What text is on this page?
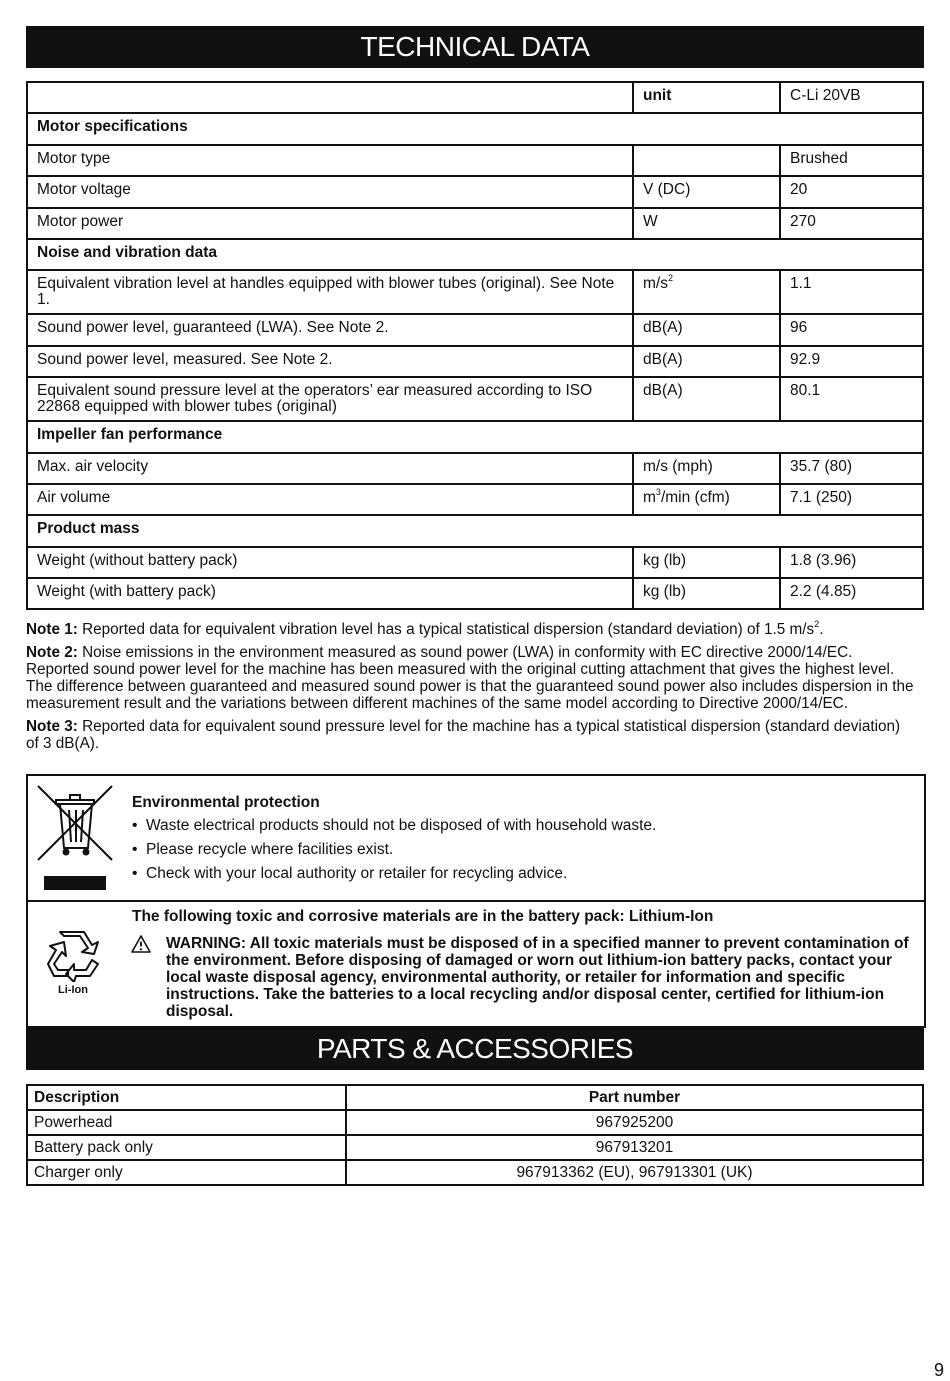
TECHNICAL DATA
	unit	C-Li 20VB
Motor specifications		
Motor type		Brushed
Motor voltage	V (DC)	20
Motor power	W	270
Noise and vibration data		
Equivalent vibration level at handles equipped with blower tubes (original). See Note 1.	$m/s^2$	1.1
Sound power level, guaranteed (LWA). See Note 2.	dB(A)	96
Sound power level, measured. See Note 2.	dB(A)	92.9
Equivalent sound pressure level at the operators’ ear measured according to ISO 22868 equipped with blower tubes (original)	dB(A)	80.1
Impeller fan performance		
Max. air velocity	m/s (mph)	35.7 (80)
Air volume	$m^3/\min$ (cfm)	7.1 (250)
Product mass		
Weight (without battery pack)	kg (lb)	1.8 (3.96)
Weight (with battery pack)	kg (lb)	2.2 (4.85)

Note 1: Reported data for equivalent vibration level has a typical statistical dispersion (standard deviation) of 1.5 $m/s^2$.

Note 2: Noise emissions in the environment measured as sound power (LWA) in conformity with EC directive 2000/14/EC. Reported sound power level for the machine has been measured with the original cutting attachment that gives the highest level. The difference between guaranteed and measured sound power is that the guaranteed sound power also includes dispersion in the measurement result and the variations between different machines of the same model according to Directive 2000/14/EC.

Note 3: Reported data for equivalent sound pressure level for the machine has a typical statistical dispersion (standard deviation) of 3 dB(A).

Environmental protection
• Waste electrical products should not be disposed of with household waste.
• Please recycle where facilities exist.
• Check with your local authority or retailer for recycling advice.
Li-Ion
The following toxic and corrosive materials are in the battery pack: Lithium-Ion
WARNING: All toxic materials must be disposed of in a specified manner to prevent contamination of the environment. Before disposing of damaged or worn out lithium-ion battery packs, contact your local waste disposal agency, environmental authority, or retailer for information and specific instructions. Take the batteries to a local recycling and/or disposal center, certified for lithium-ion disposal.
PARTS & ACCESSORIES
Description	Part number
Powerhead	967925200
Battery pack only	967913201
Charger only	967913362 (EU), 967913301 (UK)
9
